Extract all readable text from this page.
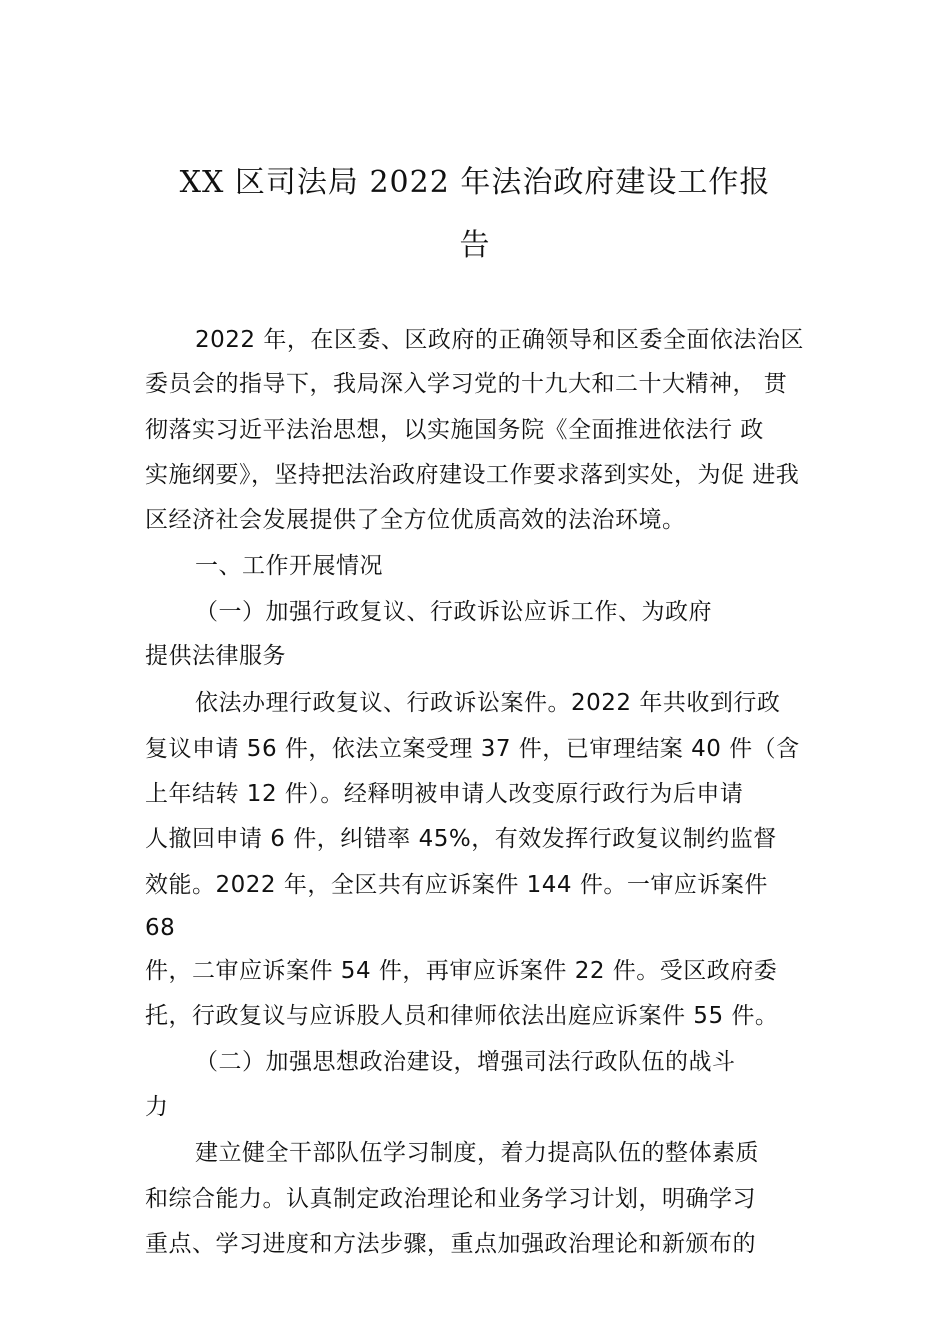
XX 区司法局 2022 年法治政府建设工作报
告
2022 年，在区委、区政府的正确领导和区委全面依法治区
委员会的指导下，我局深入学习党的十九大和二十大精神， 贯
彻落实习近平法治思想，以实施国务院《全面推进依法行 政
实施纲要》，坚持把法治政府建设工作要求落到实处，为促 进我
区经济社会发展提供了全方位优质高效的法治环境。
一、工作开展情况
（一）加强行政复议、行政诉讼应诉工作、为政府
提供法律服务
依法办理行政复议、行政诉讼案件。2022 年共收到行政
复议申请 56 件，依法立案受理 37 件，已审理结案 40 件（含
上年结转 12 件）。经释明被申请人改变原行政行为后申请
人撤回申请 6 件，纠错率 45%，有效发挥行政复议制约监督
效能。2022 年，全区共有应诉案件 144 件。一审应诉案件
68
件，二审应诉案件 54 件，再审应诉案件 22 件。受区政府委
托，行政复议与应诉股人员和律师依法出庭应诉案件 55 件。
（二）加强思想政治建设，增强司法行政队伍的战斗
力
建立健全干部队伍学习制度，着力提高队伍的整体素质
和综合能力。认真制定政治理论和业务学习计划，明确学习
重点、学习进度和方法步骤，重点加强政治理论和新颁布的
